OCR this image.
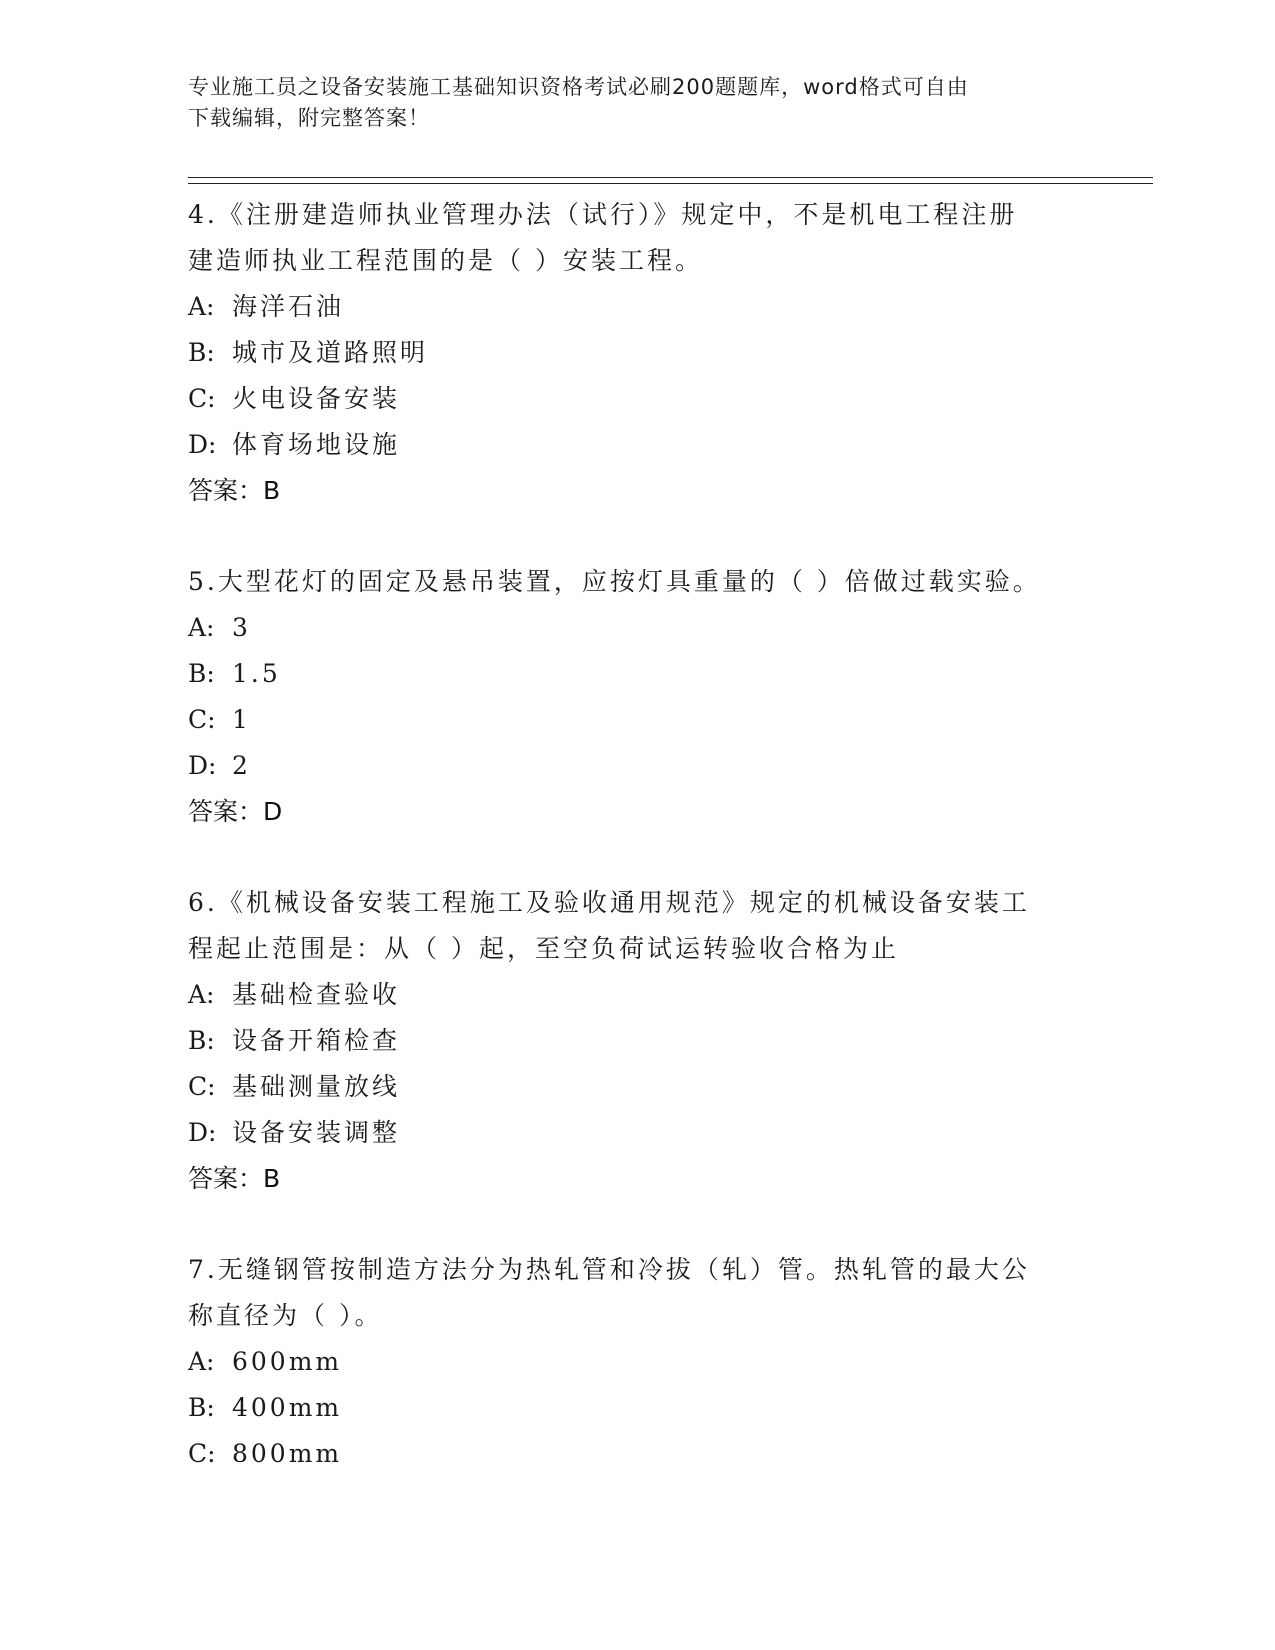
专业施工员之设备安装施工基础知识资格考试必刷200题题库，word格式可自由
下载编辑，附完整答案！
4.《注册建造师执业管理办法（试行）》规定中，不是机电工程注册
建造师执业工程范围的是（ ）安装工程。
A: 海洋石油
B: 城市及道路照明
C: 火电设备安装
D: 体育场地设施
答案：B
5.大型花灯的固定及悬吊装置，应按灯具重量的（ ）倍做过载实验。
A: 3
B: 1.5
C: 1
D: 2
答案：D
6.《机械设备安装工程施工及验收通用规范》规定的机械设备安装工
程起止范围是：从（ ）起，至空负荷试运转验收合格为止
A: 基础检查验收
B: 设备开箱检查
C: 基础测量放线
D: 设备安装调整
答案：B
7.无缝钢管按制造方法分为热轧管和冷拔（轧）管。热轧管的最大公
称直径为（ ）。
A: 600mm
B: 400mm
C: 800mm
